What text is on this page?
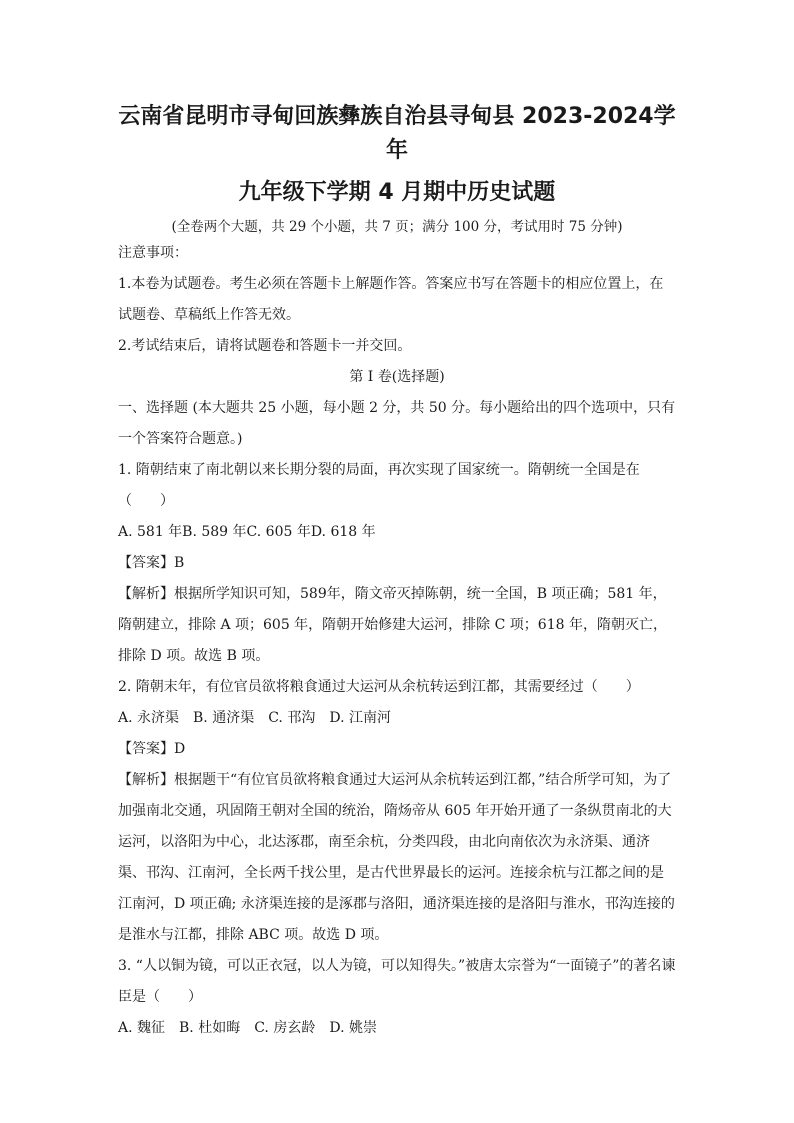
云南省昆明市寻甸回族彝族自治县寻甸县 2023-2024学年
九年级下学期 4 月期中历史试题
(全卷两个大题，共 29 个小题，共 7 页；满分 100 分，考试用时 75 分钟)

注意事项：

1.本卷为试题卷。考生必须在答题卡上解题作答。答案应书写在答题卡的相应位置上，在试题卷、草稿纸上作答无效。

2.考试结束后，请将试题卷和答题卡一并交回。

第 I 卷(选择题)

一、选择题 (本大题共 25 小题，每小题 2 分，共 50 分。每小题给出的四个选项中，只有一个答案符合题意。)

1. 隋朝结束了南北朝以来长期分裂的局面，再次实现了国家统一。隋朝统一全国是在（　　）

A. 581 年B. 589 年C. 605 年D. 618 年

【答案】B

【解析】根据所学知识可知，589年，隋文帝灭掉陈朝，统一全国，B 项正确；581 年，隋朝建立，排除 A 项；605 年，隋朝开始修建大运河，排除 C 项；618 年，隋朝灭亡，排除 D 项。故选 B 项。

2. 隋朝末年，有位官员欲将粮食通过大运河从余杭转运到江都，其需要经过（　　）

A. 永济渠 B. 通济渠 C. 邗沟 D. 江南河

【答案】D

【解析】根据题干“有位官员欲将粮食通过大运河从余杭转运到江都，”结合所学可知，为了加强南北交通，巩固隋王朝对全国的统治，隋炀帝从 605 年开始开通了一条纵贯南北的大运河，以洛阳为中心，北达涿郡，南至余杭，分类四段，由北向南依次为永济渠、通济渠、邗沟、江南河，全长两千找公里，是古代世界最长的运河。连接余杭与江都之间的是江南河，D 项正确; 永济渠连接的是涿郡与洛阳，通济渠连接的是洛阳与淮水，邗沟连接的是淮水与江都，排除 ABC 项。故选 D 项。

3. “人以铜为镜，可以正衣冠，以人为镜，可以知得失。”被唐太宗誉为“一面镜子”的著名谏臣是（　　）

A. 魏征 B. 杜如晦 C. 房玄龄 D. 姚崇
